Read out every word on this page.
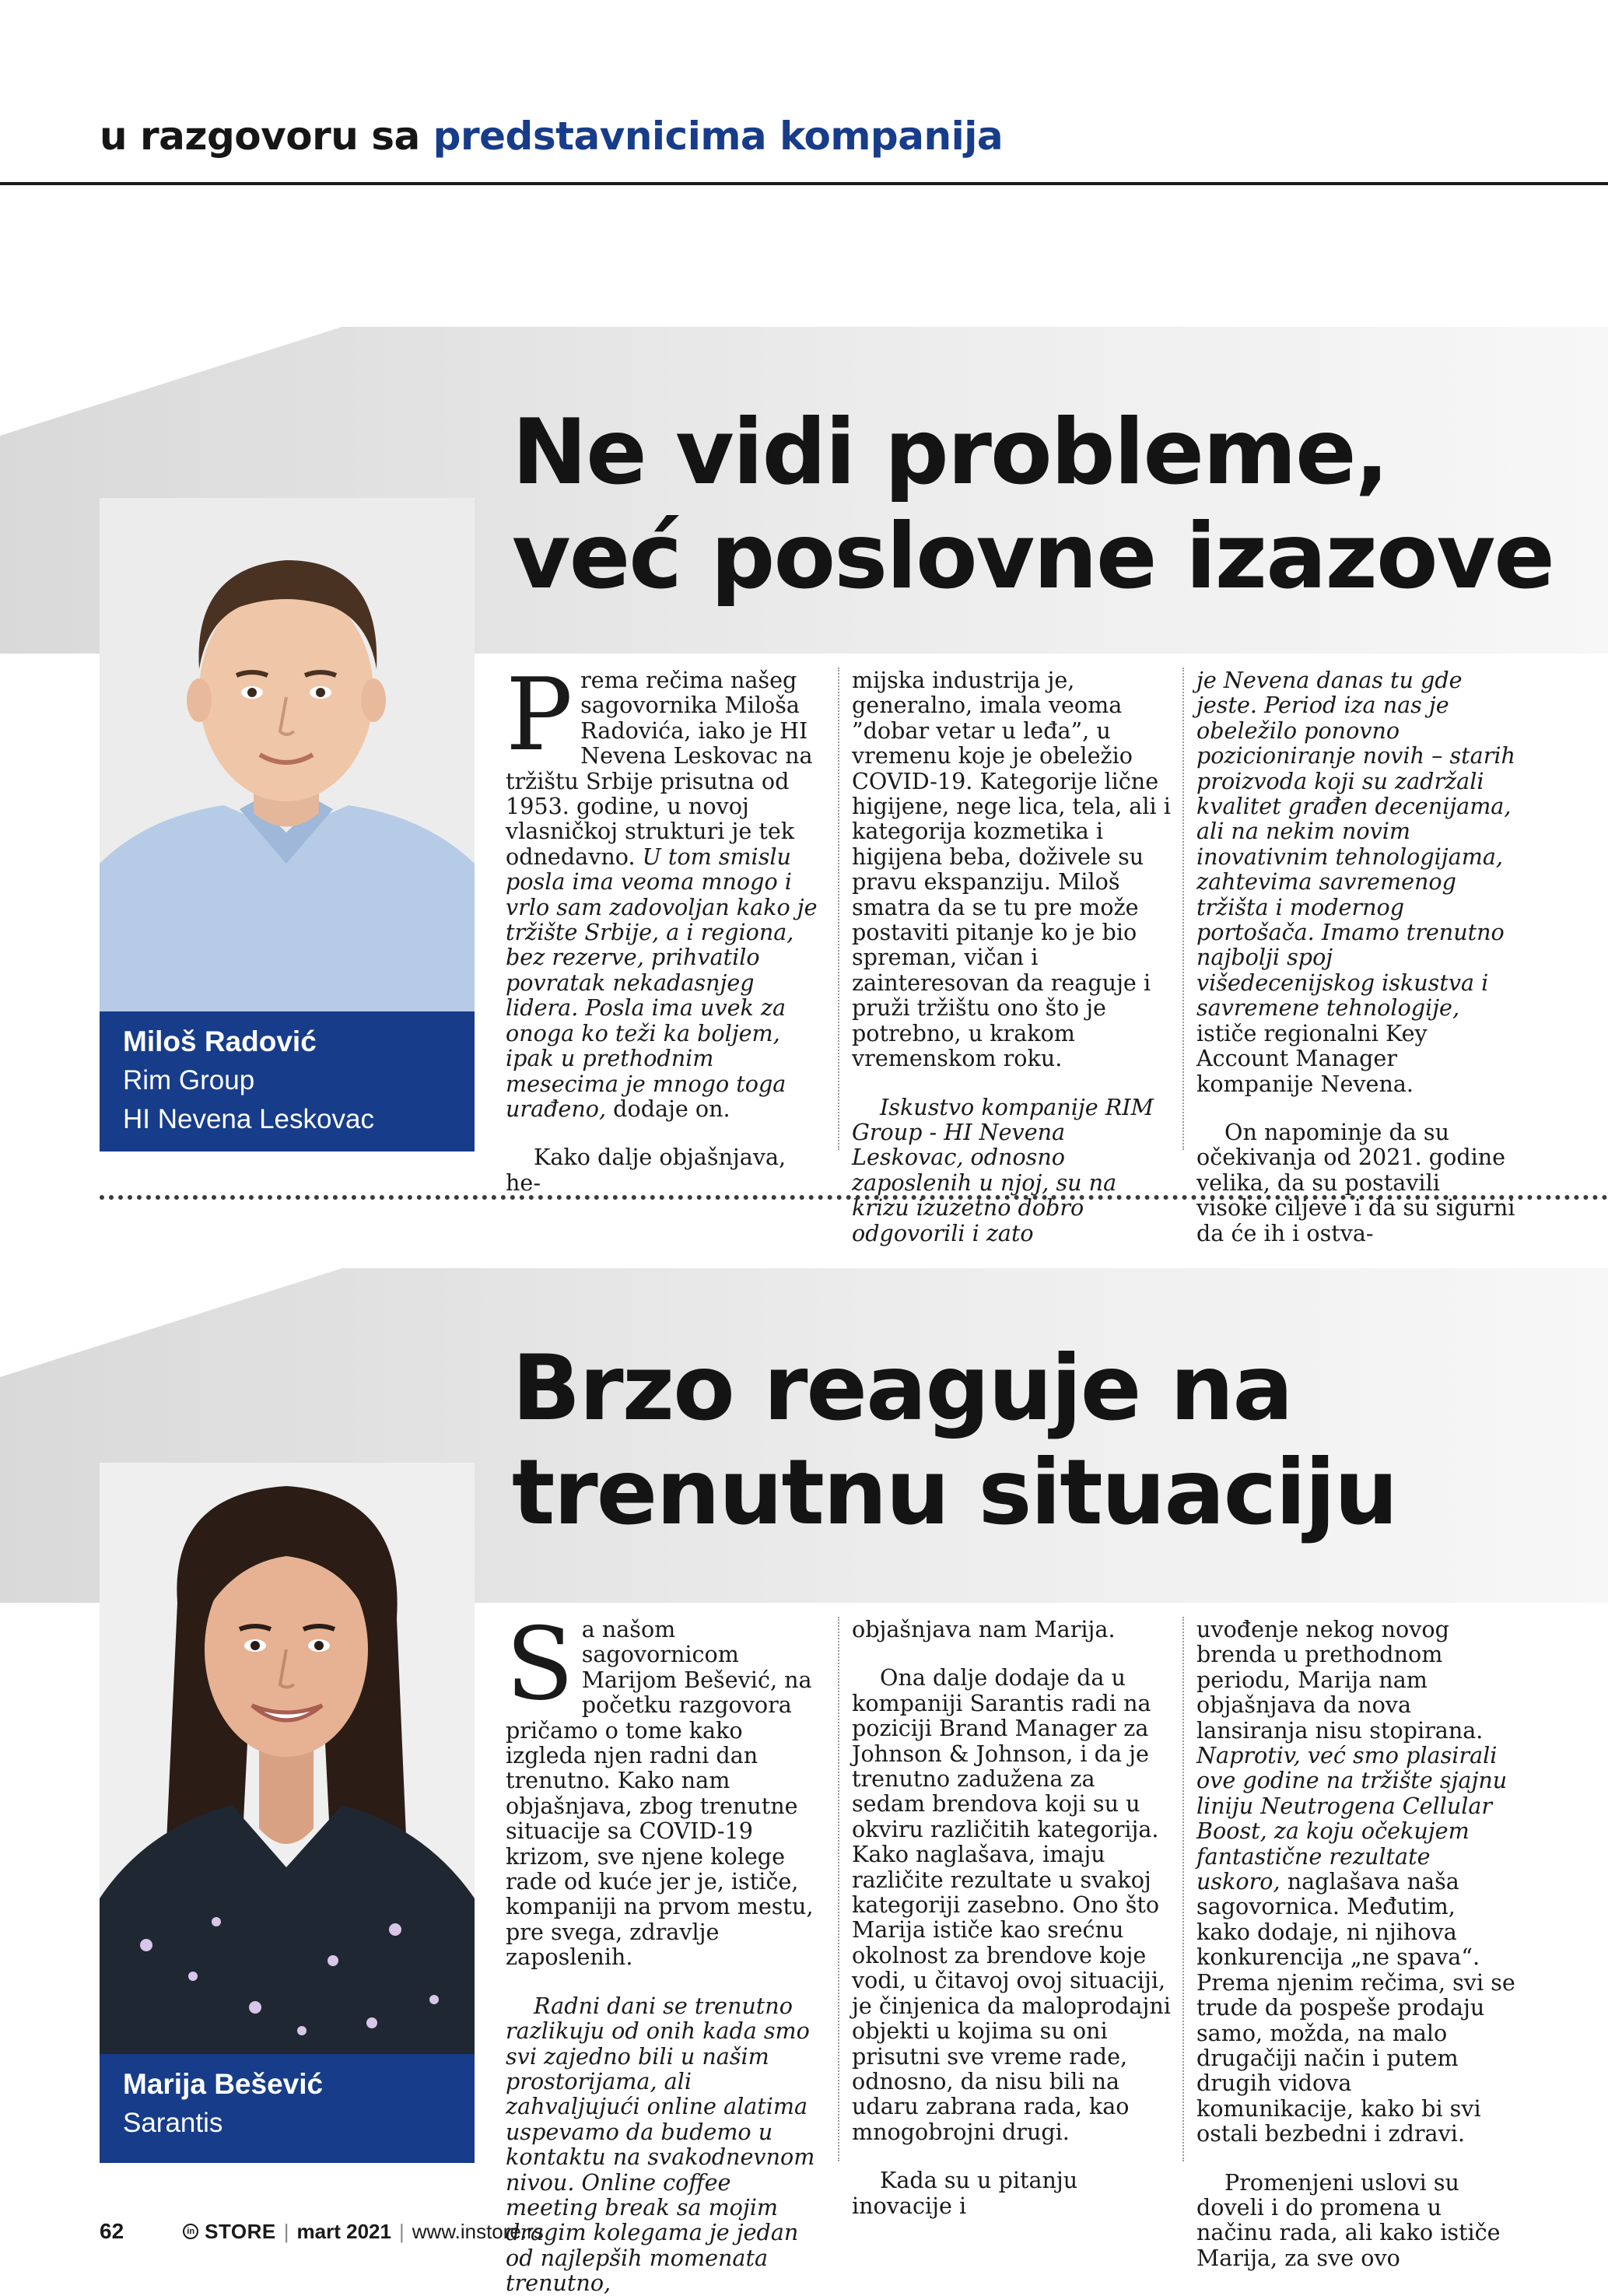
u razgovoru sa predstavnicima kompanija
Ne vidi probleme,
već poslovne izazove
Miloš Radović
Rim Group
HI Nevena Leskovac

Prema rečima našeg sagovornika Miloša Radovića, iako je HI Nevena Leskovac na tržištu Srbije prisutna od 1953. godine, u novoj vlasničkoj strukturi je tek odnedavno. U tom smislu posla ima veoma mnogo i vrlo sam zadovoljan kako je tržište Srbije, a i regiona, bez rezerve, prihvatilo povratak nekadasnjeg lidera. Posla ima uvek za onoga ko teži ka boljem, ipak u prethodnim mesecima je mnogo toga urađeno, dodaje on.

Kako dalje objašnjava, he-

mijska industrija je, generalno, imala veoma ”dobar vetar u leđa”, u vremenu koje je obeležio COVID-19. Kategorije lične higijene, nege lica, tela, ali i kategorija kozmetika i higijena beba, doživele su pravu ekspanziju. Miloš smatra da se tu pre može postaviti pitanje ko je bio spreman, vičan i zainteresovan da reaguje i pruži tržištu ono što je potrebno, u krakom vremenskom roku.

Iskustvo kompanije RIM Group - HI Nevena Leskovac, odnosno zaposlenih u njoj, su na krizu izuzetno dobro odgovorili i zato

je Nevena danas tu gde jeste. Period iza nas je obeležilo ponovno pozicioniranje novih – starih proizvoda koji su zadržali kvalitet građen decenijama, ali na nekim novim inovativnim tehnologijama, zahtevima savremenog tržišta i modernog portošača. Imamo trenutno najbolji spoj višedecenijskog iskustva i savremene tehnologije, ističe regionalni Key Account Manager kompanije Nevena.

On napominje da su očekivanja od 2021. godine velika, da su postavili visoke ciljeve i da su sigurni da će ih i ostva-

Brzo reaguje na
trenutnu situaciju
Marija Bešević
Sarantis

Sa našom sagovornicom Marijom Bešević, na početku razgovora pričamo o tome kako izgleda njen radni dan trenutno. Kako nam objašnjava, zbog trenutne situacije sa COVID-19 krizom, sve njene kolege rade od kuće jer je, ističe, kompaniji na prvom mestu, pre svega, zdravlje zaposlenih.

Radni dani se trenutno razlikuju od onih kada smo svi zajedno bili u našim prostorijama, ali zahvaljujući online alatima uspevamo da budemo u kontaktu na svakodnevnom nivou. Online coffee meeting break sa mojim dragim kolegama je jedan od najlepših momenata trenutno,

objašnjava nam Marija.

Ona dalje dodaje da u kompaniji Sarantis radi na poziciji Brand Manager za Johnson & Johnson, i da je trenutno zadužena za sedam brendova koji su u okviru različitih kategorija. Kako naglašava, imaju različite rezultate u svakoj kategoriji zasebno. Ono što Marija ističe kao srećnu okolnost za brendove koje vodi, u čitavoj ovoj situaciji, je činjenica da maloprodajni objekti u kojima su oni prisutni sve vreme rade, odnosno, da nisu bili na udaru zabrana rada, kao mnogobrojni drugi.

Kada su u pitanju inovacije i

uvođenje nekog novog brenda u prethodnom periodu, Marija nam objašnjava da nova lansiranja nisu stopirana. Naprotiv, već smo plasirali ove godine na tržište sjajnu liniju Neutrogena Cellular Boost, za koju očekujem fantastične rezultate uskoro, naglašava naša sagovornica. Međutim, kako dodaje, ni njihova konkurencija „ne spava“. Prema njenim rečima, svi se trude da pospeše prodaju samo, možda, na malo drugačiji način i putem drugih vidova komunikacije, kako bi svi ostali bezbedni i zdravi.

Promenjeni uslovi su doveli i do promena u načinu rada, ali kako ističe Marija, za sve ovo

62	in STORE | mart 2021 | www.instore.rs
